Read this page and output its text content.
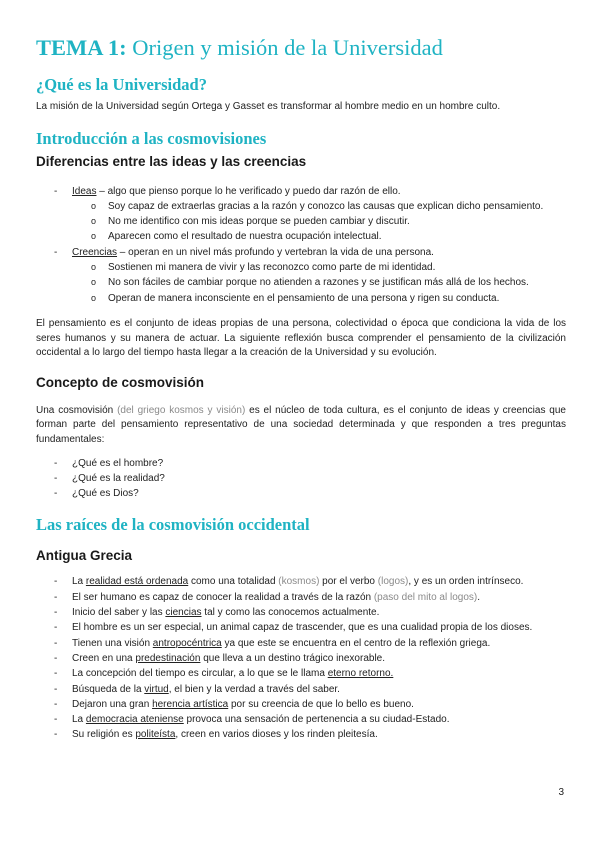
TEMA 1: Origen y misión de la Universidad
¿Qué es la Universidad?

La misión de la Universidad según Ortega y Gasset es transformar al hombre medio en un hombre culto.

Introducción a las cosmovisiones
Diferencias entre las ideas y las creencias
- Ideas – algo que pienso porque lo he verificado y puedo dar razón de ello.
o Soy capaz de extraerlas gracias a la razón y conozco las causas que explican dicho pensamiento.
o No me identifico con mis ideas porque se pueden cambiar y discutir.
o Aparecen como el resultado de nuestra ocupación intelectual.
- Creencias – operan en un nivel más profundo y vertebran la vida de una persona.
o Sostienen mi manera de vivir y las reconozco como parte de mi identidad.
o No son fáciles de cambiar porque no atienden a razones y se justifican más allá de los hechos.
o Operan de manera inconsciente en el pensamiento de una persona y rigen su conducta.

El pensamiento es el conjunto de ideas propias de una persona, colectividad o época que condiciona la vida de los seres humanos y su manera de actuar. La siguiente reflexión busca comprender el pensamiento de la civilización occidental a lo largo del tiempo hasta llegar a la creación de la Universidad y su evolución.

Concepto de cosmovisión

Una cosmovisión (del griego kosmos y visión) es el núcleo de toda cultura, es el conjunto de ideas y creencias que forman parte del pensamiento representativo de una sociedad determinada y que responden a tres preguntas fundamentales:

- ¿Qué es el hombre?
- ¿Qué es la realidad?
- ¿Qué es Dios?
Las raíces de la cosmovisión occidental
Antigua Grecia
- La realidad está ordenada como una totalidad (kosmos) por el verbo (logos), y es un orden intrínseco.
- El ser humano es capaz de conocer la realidad a través de la razón (paso del mito al logos).
- Inicio del saber y las ciencias tal y como las conocemos actualmente.
- El hombre es un ser especial, un animal capaz de trascender, que es una cualidad propia de los dioses.
- Tienen una visión antropocéntrica ya que este se encuentra en el centro de la reflexión griega.
- Creen en una predestinación que lleva a un destino trágico inexorable.
- La concepción del tiempo es circular, a lo que se le llama eterno retorno.
- Búsqueda de la virtud, el bien y la verdad a través del saber.
- Dejaron una gran herencia artística por su creencia de que lo bello es bueno.
- La democracia ateniense provoca una sensación de pertenencia a su ciudad-Estado.
- Su religión es politeísta, creen en varios dioses y los rinden pleitesía.
3
